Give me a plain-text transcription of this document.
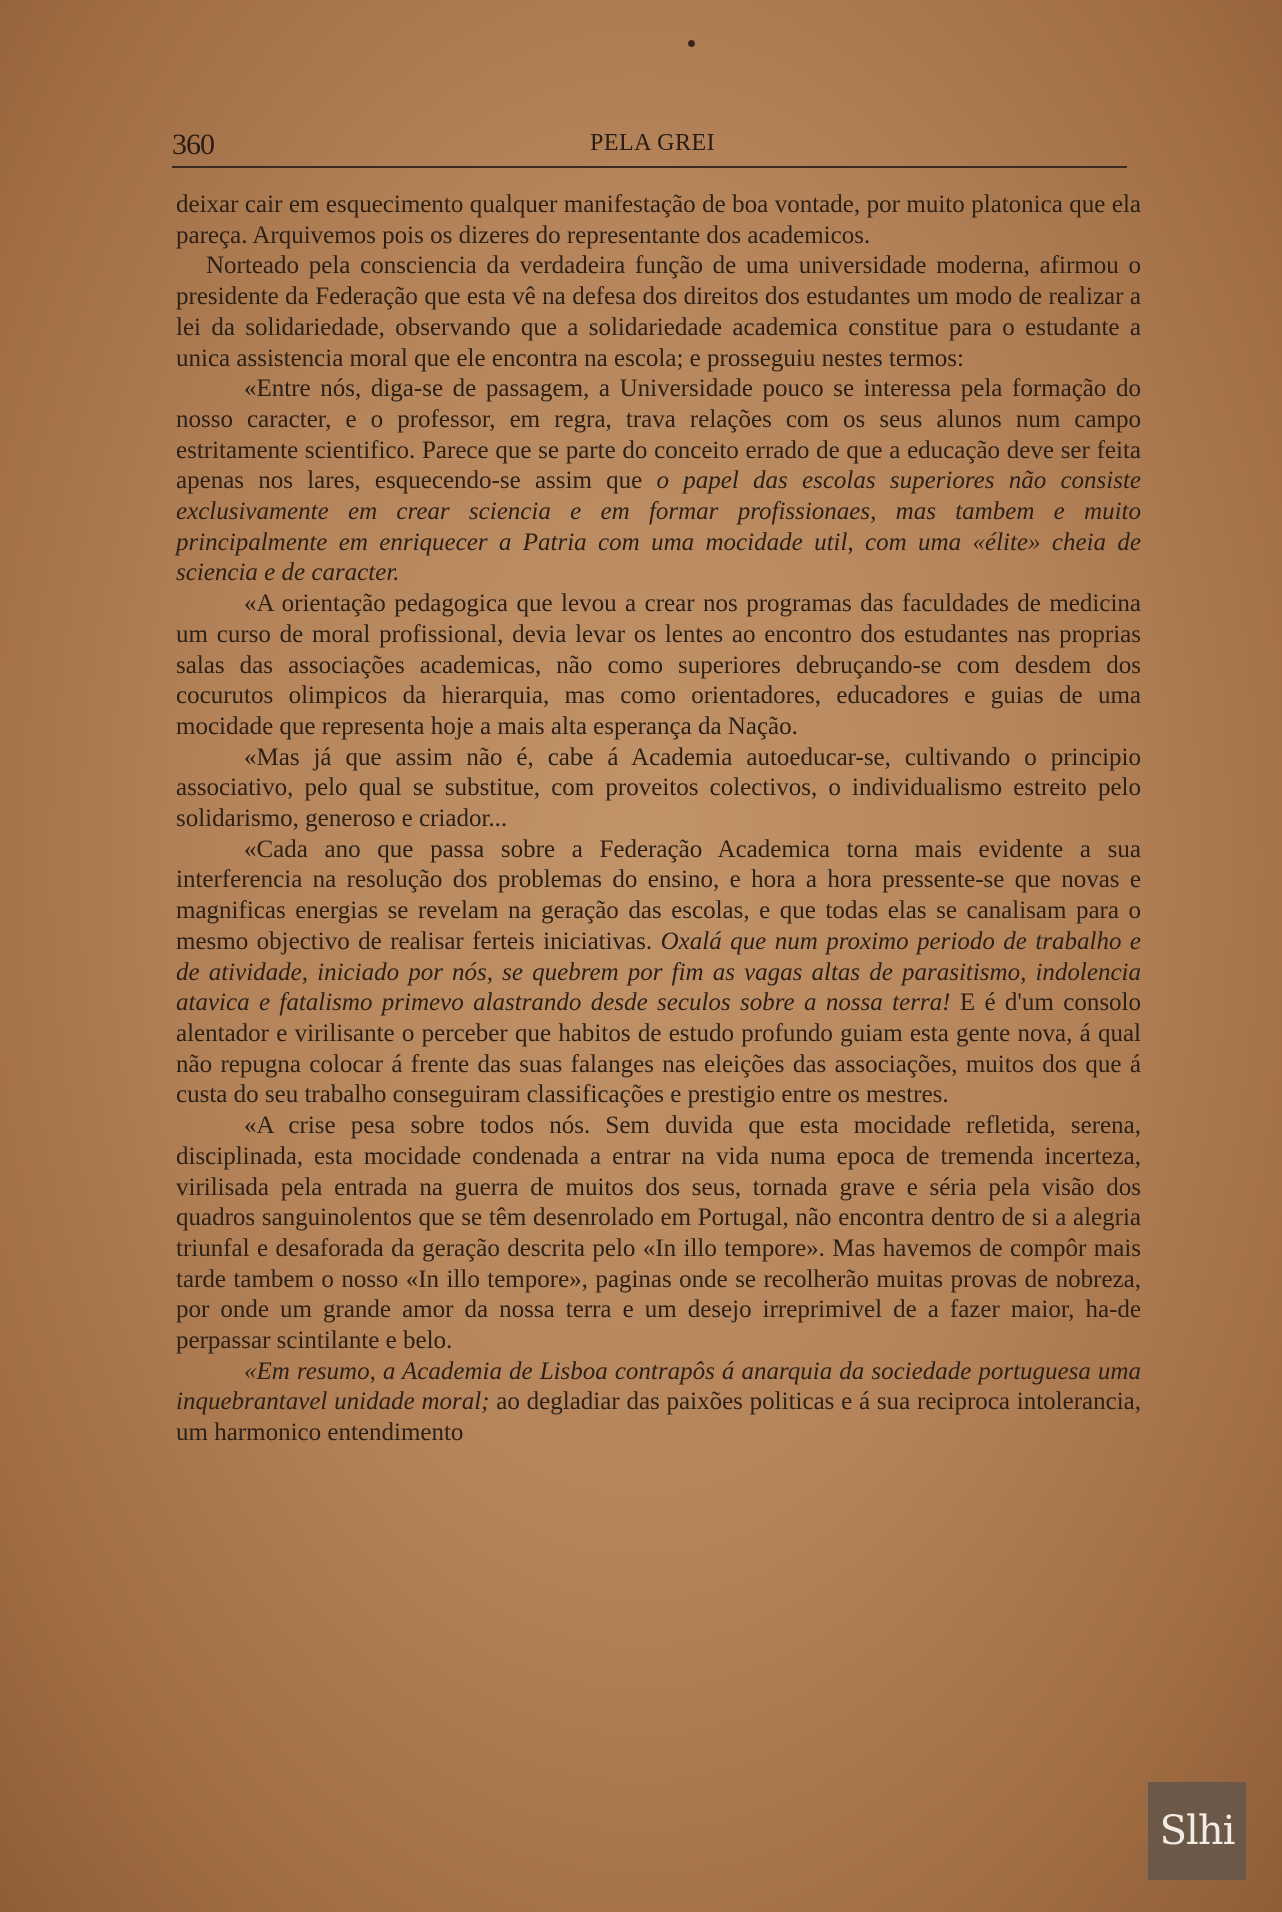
360	PELA GREI

deixar cair em esquecimento qualquer manifestação de boa vontade, por muito platonica que ela pareça. Arquivemos pois os dizeres do representante dos academicos.

Norteado pela consciencia da verdadeira função de uma universidade moderna, afirmou o presidente da Federação que esta vê na defesa dos direitos dos estudantes um modo de realizar a lei da solidariedade, observando que a solidariedade academica constitue para o estudante a unica assistencia moral que ele encontra na escola; e prosseguiu nestes termos:

«Entre nós, diga-se de passagem, a Universidade pouco se interessa pela formação do nosso caracter, e o professor, em regra, trava relações com os seus alunos num campo estritamente scientifico. Parece que se parte do conceito errado de que a educação deve ser feita apenas nos lares, esquecendo-se assim que o papel das escolas superiores não consiste exclusivamente em crear sciencia e em formar profissionaes, mas tambem e muito principalmente em enriquecer a Patria com uma mocidade util, com uma «élite» cheia de sciencia e de caracter.

«A orientação pedagogica que levou a crear nos programas das faculdades de medicina um curso de moral profissional, devia levar os lentes ao encontro dos estudantes nas proprias salas das associações academicas, não como superiores debruçando-se com desdem dos cocurutos olimpicos da hierarquia, mas como orientadores, educadores e guias de uma mocidade que representa hoje a mais alta esperança da Nação.

«Mas já que assim não é, cabe á Academia autoeducar-se, cultivando o principio associativo, pelo qual se substitue, com proveitos colectivos, o individualismo estreito pelo solidarismo, generoso e criador...

«Cada ano que passa sobre a Federação Academica torna mais evidente a sua interferencia na resolução dos problemas do ensino, e hora a hora pressente-se que novas e magnificas energias se revelam na geração das escolas, e que todas elas se canalisam para o mesmo objectivo de realisar ferteis iniciativas. Oxalá que num proximo periodo de trabalho e de atividade, iniciado por nós, se quebrem por fim as vagas altas de parasitismo, indolencia atavica e fatalismo primevo alastrando desde seculos sobre a nossa terra! E é d'um consolo alentador e virilisante o perceber que habitos de estudo profundo guiam esta gente nova, á qual não repugna colocar á frente das suas falanges nas eleições das associações, muitos dos que á custa do seu trabalho conseguiram classificações e prestigio entre os mestres.

«A crise pesa sobre todos nós. Sem duvida que esta mocidade refletida, serena, disciplinada, esta mocidade condenada a entrar na vida numa epoca de tremenda incerteza, virilisada pela entrada na guerra de muitos dos seus, tornada grave e séria pela visão dos quadros sanguinolentos que se têm desenrolado em Portugal, não encontra dentro de si a alegria triunfal e desaforada da geração descrita pelo «In illo tempore». Mas havemos de compôr mais tarde tambem o nosso «In illo tempore», paginas onde se recolherão muitas provas de nobreza, por onde um grande amor da nossa terra e um desejo irreprimivel de a fazer maior, ha-de perpassar scintilante e belo.

«Em resumo, a Academia de Lisboa contrapôs á anarquia da sociedade portuguesa uma inquebrantavel unidade moral; ao degladiar das paixões politicas e á sua reciproca intolerancia, um harmonico entendimento

Slhi
